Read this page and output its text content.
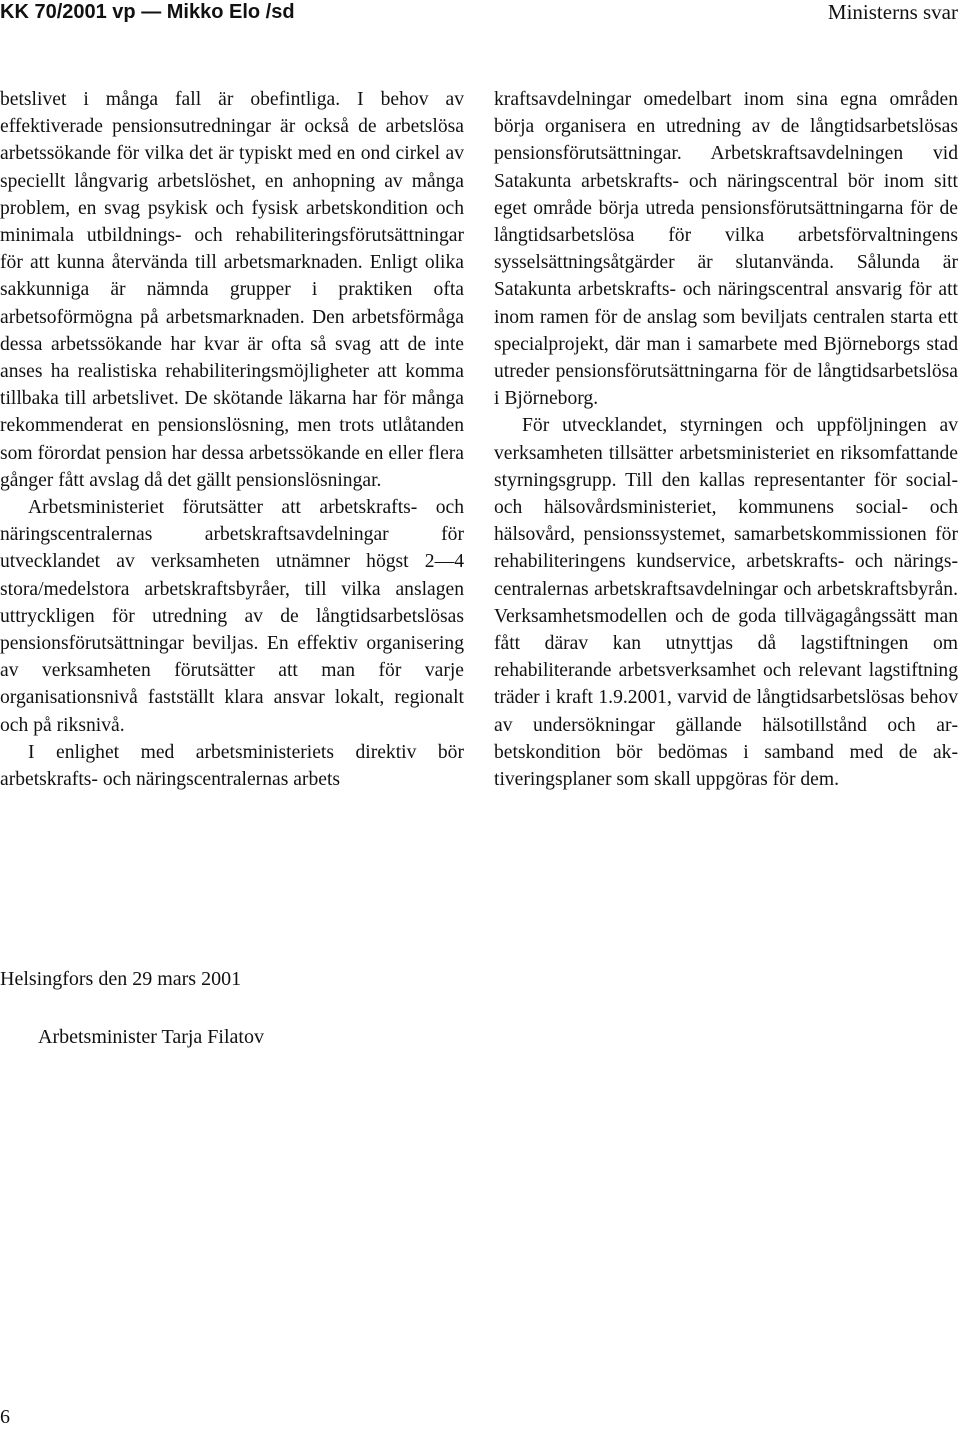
KK 70/2001 vp — Mikko Elo /sd	Ministerns svar

betslivet i många fall är obefintliga. I behov av effektiverade pensionsutredningar är också de arbetslösa arbetssökande för vilka det är typiskt med en ond cirkel av speciellt långvarig arbetslöshet, en anhopning av många problem, en svag psykisk och fysisk arbetskondition och minimala utbildnings- och rehabiliteringsförutsättningar för att kunna återvända till arbetsmarknaden. Enligt olika sakkunniga är nämnda grupper i praktiken ofta arbetsoförmögna på arbetsmarknaden. Den arbetsförmåga dessa arbetssökande har kvar är ofta så svag att de inte anses ha realistiska rehabiliteringsmöjligheter att komma tillbaka till arbetslivet. De skötande läkarna har för många rekommenderat en pensionslösning, men trots utlåtanden som förordat pension har dessa arbetssökande en eller flera gånger fått avslag då det gällt pensionslösningar.

Arbetsministeriet förutsätter att arbetskrafts- och näringscentralernas arbetskraftsavdelningar för utvecklandet av verksamheten utnämner högst 2—4 stora/medelstora arbetskraftsbyråer, till vilka anslagen uttryckligen för utredning av de långtidsarbetslösas pensionsförutsättningar beviljas. En effektiv organisering av verksamheten förutsätter att man för varje organisationsnivå fastställt klara ansvar lokalt, regionalt och på riksnivå.

I enlighet med arbetsministeriets direktiv bör arbetskrafts- och näringscentralernas arbets

kraftsavdelningar omedelbart inom sina egna områden börja organisera en utredning av de långtidsarbetslösas pensionsförutsättningar. Arbetskraftsavdelningen vid Satakunta arbetskrafts- och näringscentral bör inom sitt eget område börja utreda pensionsförutsättningarna för de långtidsarbetslösa för vilka arbetsförvaltningens sysselsättningsåtgärder är slutanvända. Sålunda är Satakunta arbetskrafts- och näringscentral ansvarig för att inom ramen för de anslag som beviljats centralen starta ett specialprojekt, där man i samarbete med Björneborgs stad utreder pensionsförutsättningarna för de långtidsarbetslösa i Björneborg.

För utvecklandet, styrningen och uppföljningen av verksamheten tillsätter arbetsministeriet en riksomfattande styrningsgrupp. Till den kallas representanter för social- och hälsovårdsministeriet, kommunens social- och hälsovård, pensionssystemet, samarbetskommissionen för rehabiliteringens kundservice, arbetskrafts- och näringscentralernas arbetskraftsavdelningar och arbetskraftsbyrån. Verksamhetsmodellen och de goda tillvägagångssätt man fått därav kan utnyttjas då lagstiftningen om rehabiliterande arbetsverksamhet och relevant lagstiftning träder i kraft 1.9.2001, varvid de långtidsarbetslösas behov av undersökningar gällande hälsotillstånd och arbetskondition bör bedömas i samband med de aktiveringsplaner som skall uppgöras för dem.

Helsingfors den 29 mars 2001
Arbetsminister Tarja Filatov
6
